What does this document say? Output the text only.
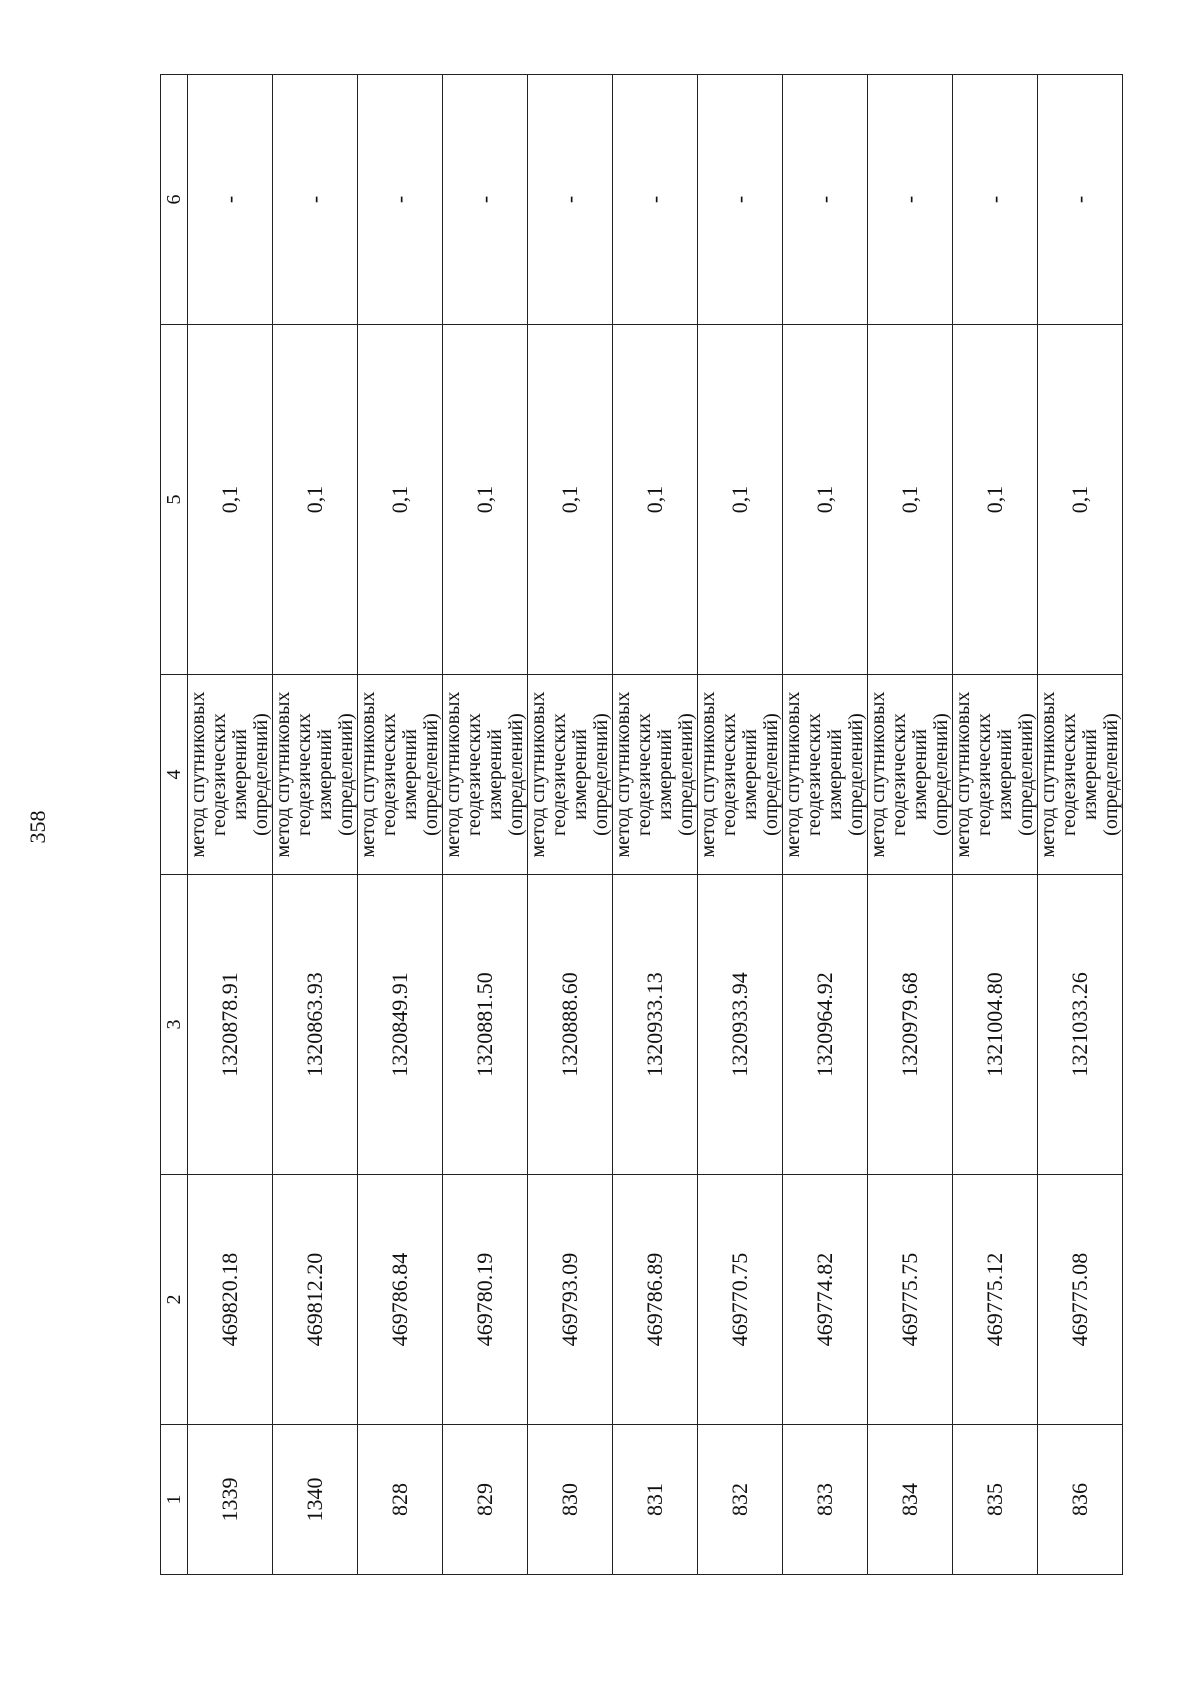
358
1	2	3	4	5	6
1339	469820.18	1320878.91	метод спутниковых геодезических измерений (определений)	0,1	-
1340	469812.20	1320863.93	метод спутниковых геодезических измерений (определений)	0,1	-
828	469786.84	1320849.91	метод спутниковых геодезических измерений (определений)	0,1	-
829	469780.19	1320881.50	метод спутниковых геодезических измерений (определений)	0,1	-
830	469793.09	1320888.60	метод спутниковых геодезических измерений (определений)	0,1	-
831	469786.89	1320933.13	метод спутниковых геодезических измерений (определений)	0,1	-
832	469770.75	1320933.94	метод спутниковых геодезических измерений (определений)	0,1	-
833	469774.82	1320964.92	метод спутниковых геодезических измерений (определений)	0,1	-
834	469775.75	1320979.68	метод спутниковых геодезических измерений (определений)	0,1	-
835	469775.12	1321004.80	метод спутниковых геодезических измерений (определений)	0,1	-
836	469775.08	1321033.26	метод спутниковых геодезических измерений (определений)	0,1	-
